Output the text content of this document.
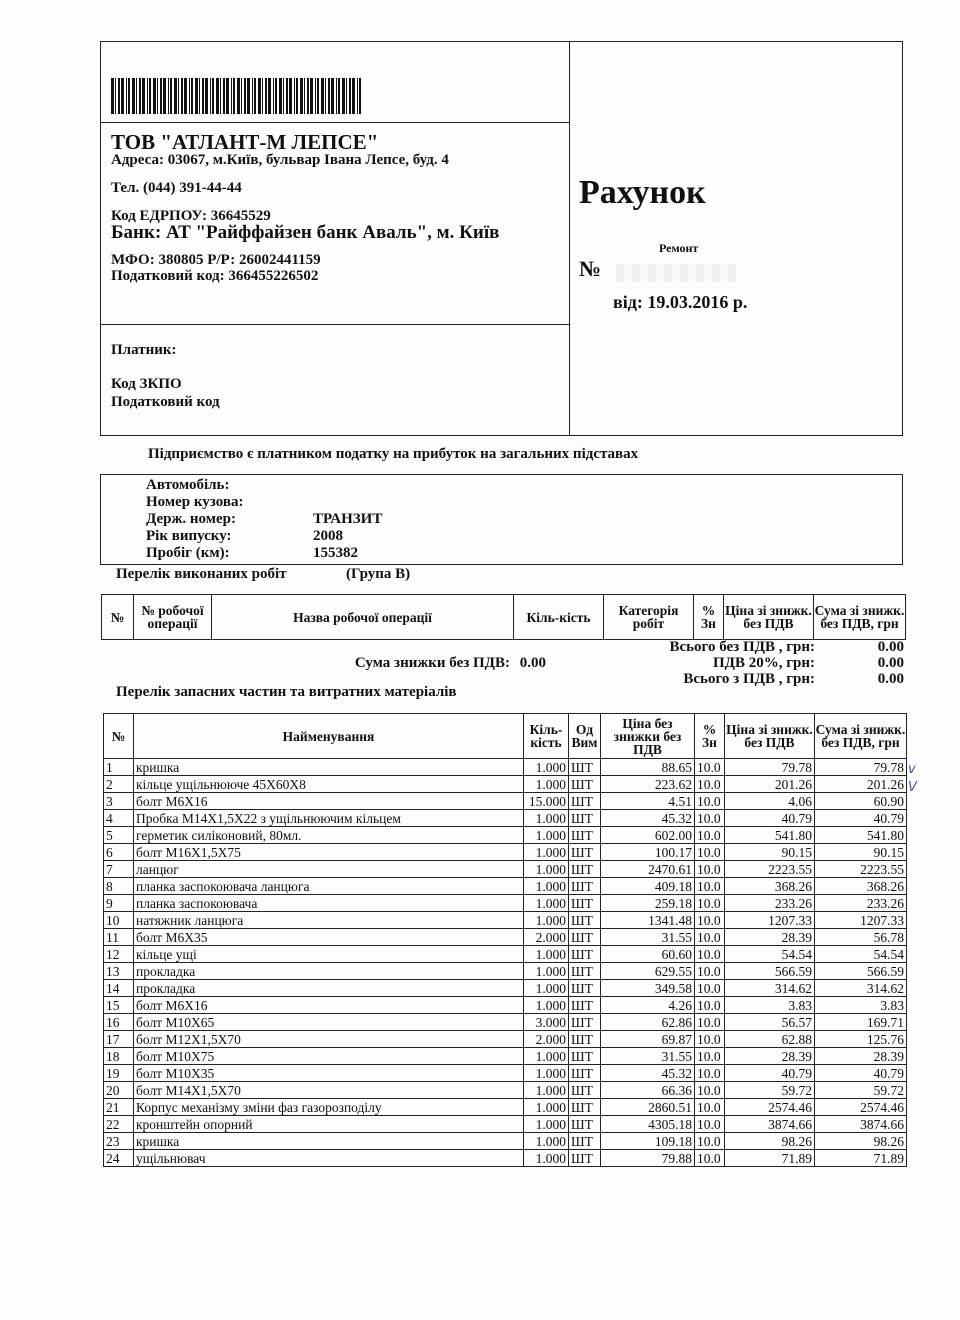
ТОВ "АТЛАНТ-М ЛЕПСЕ"
Адреса: 03067, м.Київ, бульвар Івана Лепсе, буд. 4
Тел. (044) 391-44-44
Код ЕДРПОУ: 36645529
Банк: АТ "Райффайзен банк Аваль", м. Київ
МФО: 380805 Р/Р: 26002441159
Податковий код: 366455226502
Платник:
Код ЗКПО
Податковий код
Рахунок
Ремонт
№
від: 19.03.2016 р.
Підприємство є платником податку на прибуток на загальних підставах
Автомобіль:
Номер кузова:
Держ. номер:	ТРАНЗИТ
Рік випуску:	2008
Пробіг (км):	155382
Перелік виконаних робіт	(Група В)
№	№ робочої операції	Назва робочої операції	Кіль-кість	Категорія робіт	% Зн	Ціна зі знижк. без ПДВ	Сума зі знижк. без ПДВ, грн
Всього без ПДВ , грн:	0.00
Сума знижки без ПДВ: 0.00	ПДВ 20%, грн:	0.00
Всього з ПДВ , грн:	0.00
Перелік запасних частин та витратних матеріалів
№	Найменування	Кіль-кість	Од Вим	Ціна без знижки без ПДВ	% Зн	Ціна зі знижк. без ПДВ	Сума зі знижк. без ПДВ, грн
1	кришка	1.000	ШТ	88.65	10.0	79.78	79.78
2	кільце ущільнююче 45Х60Х8	1.000	ШТ	223.62	10.0	201.26	201.26
3	болт М6Х16	15.000	ШТ	4.51	10.0	4.06	60.90
4	Пробка М14Х1,5Х22 з ущільнюючим кільцем	1.000	ШТ	45.32	10.0	40.79	40.79
5	герметик силіконовий, 80мл.	1.000	ШТ	602.00	10.0	541.80	541.80
6	болт М16Х1,5Х75	1.000	ШТ	100.17	10.0	90.15	90.15
7	ланцюг	1.000	ШТ	2470.61	10.0	2223.55	2223.55
8	планка заспокоювача ланцюга	1.000	ШТ	409.18	10.0	368.26	368.26
9	планка заспокоювача	1.000	ШТ	259.18	10.0	233.26	233.26
10	натяжник ланцюга	1.000	ШТ	1341.48	10.0	1207.33	1207.33
11	болт М6Х35	2.000	ШТ	31.55	10.0	28.39	56.78
12	кільце ущі	1.000	ШТ	60.60	10.0	54.54	54.54
13	прокладка	1.000	ШТ	629.55	10.0	566.59	566.59
14	прокладка	1.000	ШТ	349.58	10.0	314.62	314.62
15	болт М6Х16	1.000	ШТ	4.26	10.0	3.83	3.83
16	болт М10Х65	3.000	ШТ	62.86	10.0	56.57	169.71
17	болт М12Х1,5Х70	2.000	ШТ	69.87	10.0	62.88	125.76
18	болт М10Х75	1.000	ШТ	31.55	10.0	28.39	28.39
19	болт М10Х35	1.000	ШТ	45.32	10.0	40.79	40.79
20	болт М14Х1,5Х70	1.000	ШТ	66.36	10.0	59.72	59.72
21	Корпус механізму зміни фаз газорозподілу	1.000	ШТ	2860.51	10.0	2574.46	2574.46
22	кронштейн опорний	1.000	ШТ	4305.18	10.0	3874.66	3874.66
23	кришка	1.000	ШТ	109.18	10.0	98.26	98.26
24	ущільнювач	1.000	ШТ	79.88	10.0	71.89	71.89
v
V
